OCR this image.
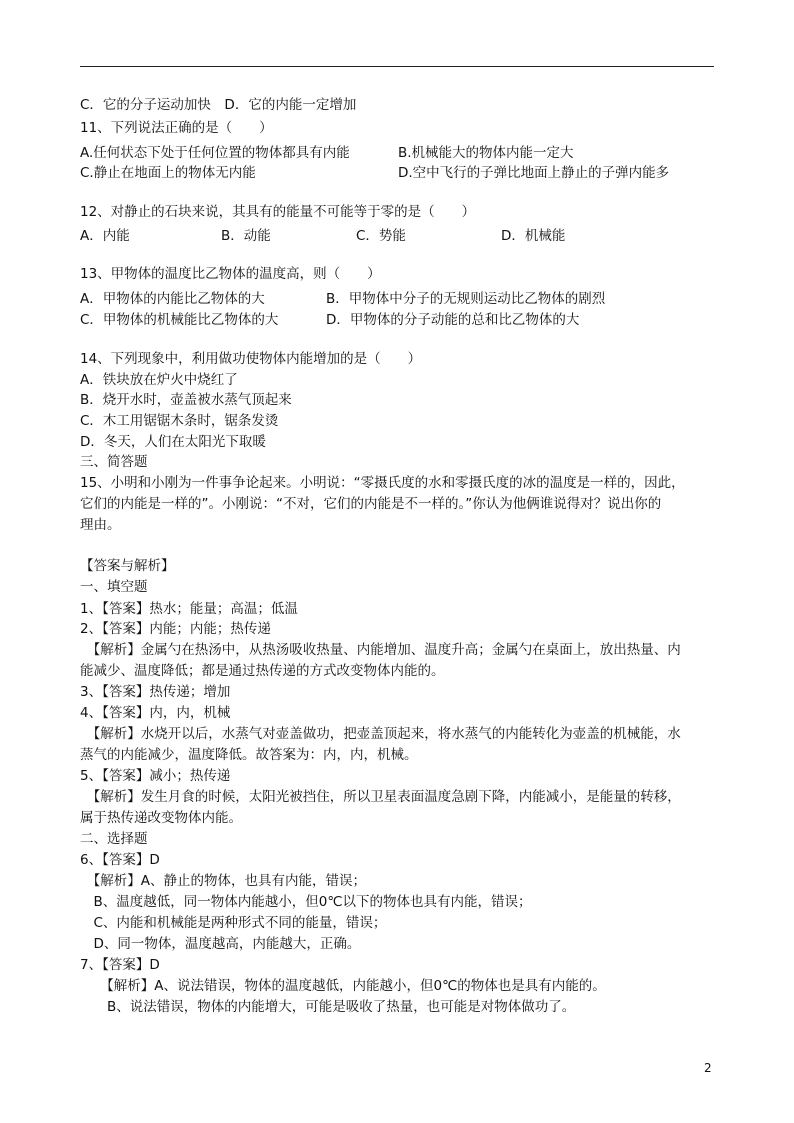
C．它的分子运动加快　D．它的内能一定增加
11、下列说法正确的是（　　）
A.任何状态下处于任何位置的物体都具有内能	B.机械能大的物体内能一定大
C.静止在地面上的物体无内能	D.空中飞行的子弹比地面上静止的子弹内能多
12、对静止的石块来说，其具有的能量不可能等于零的是（　　）
A．内能	B．动能	C．势能	D．机械能
13、甲物体的温度比乙物体的温度高，则（　　）
A．甲物体的内能比乙物体的大	B．甲物体中分子的无规则运动比乙物体的剧烈
C．甲物体的机械能比乙物体的大	D．甲物体的分子动能的总和比乙物体的大
14、下列现象中，利用做功使物体内能增加的是（　　）
A．铁块放在炉火中烧红了
B．烧开水时，壶盖被水蒸气顶起来
C．木工用锯锯木条时，锯条发烫
D．冬天，人们在太阳光下取暖
三、简答题
15、小明和小刚为一件事争论起来。小明说：“零摄氏度的水和零摄氏度的冰的温度是一样的，因此，
它们的内能是一样的”。小刚说：“不对，它们的内能是不一样的。”你认为他俩谁说得对？说出你的
理由。
【答案与解析】
一、填空题
1、【答案】热水；能量；高温；低温
2、【答案】内能；内能；热传递
　【解析】金属勺在热汤中，从热汤吸收热量、内能增加、温度升高；金属勺在桌面上，放出热量、内
能减少、温度降低；都是通过热传递的方式改变物体内能的。
3、【答案】热传递；增加
4、【答案】内，内，机械
　【解析】水烧开以后，水蒸气对壶盖做功，把壶盖顶起来，将水蒸气的内能转化为壶盖的机械能，水
蒸气的内能减少，温度降低。故答案为：内，内，机械。
5、【答案】减小；热传递
　【解析】发生月食的时候，太阳光被挡住，所以卫星表面温度急剧下降，内能减小，是能量的转移，
属于热传递改变物体内能。
二、选择题
6、【答案】D
　【解析】A、静止的物体，也具有内能，错误；
　B、温度越低，同一物体内能越小，但0℃以下的物体也具有内能，错误；
　C、内能和机械能是两种形式不同的能量，错误；
　D、同一物体，温度越高，内能越大，正确。
7、【答案】D
　　【解析】A、说法错误，物体的温度越低，内能越小，但0℃的物体也是具有内能的。
　　B、说法错误，物体的内能增大，可能是吸收了热量，也可能是对物体做功了。
2
